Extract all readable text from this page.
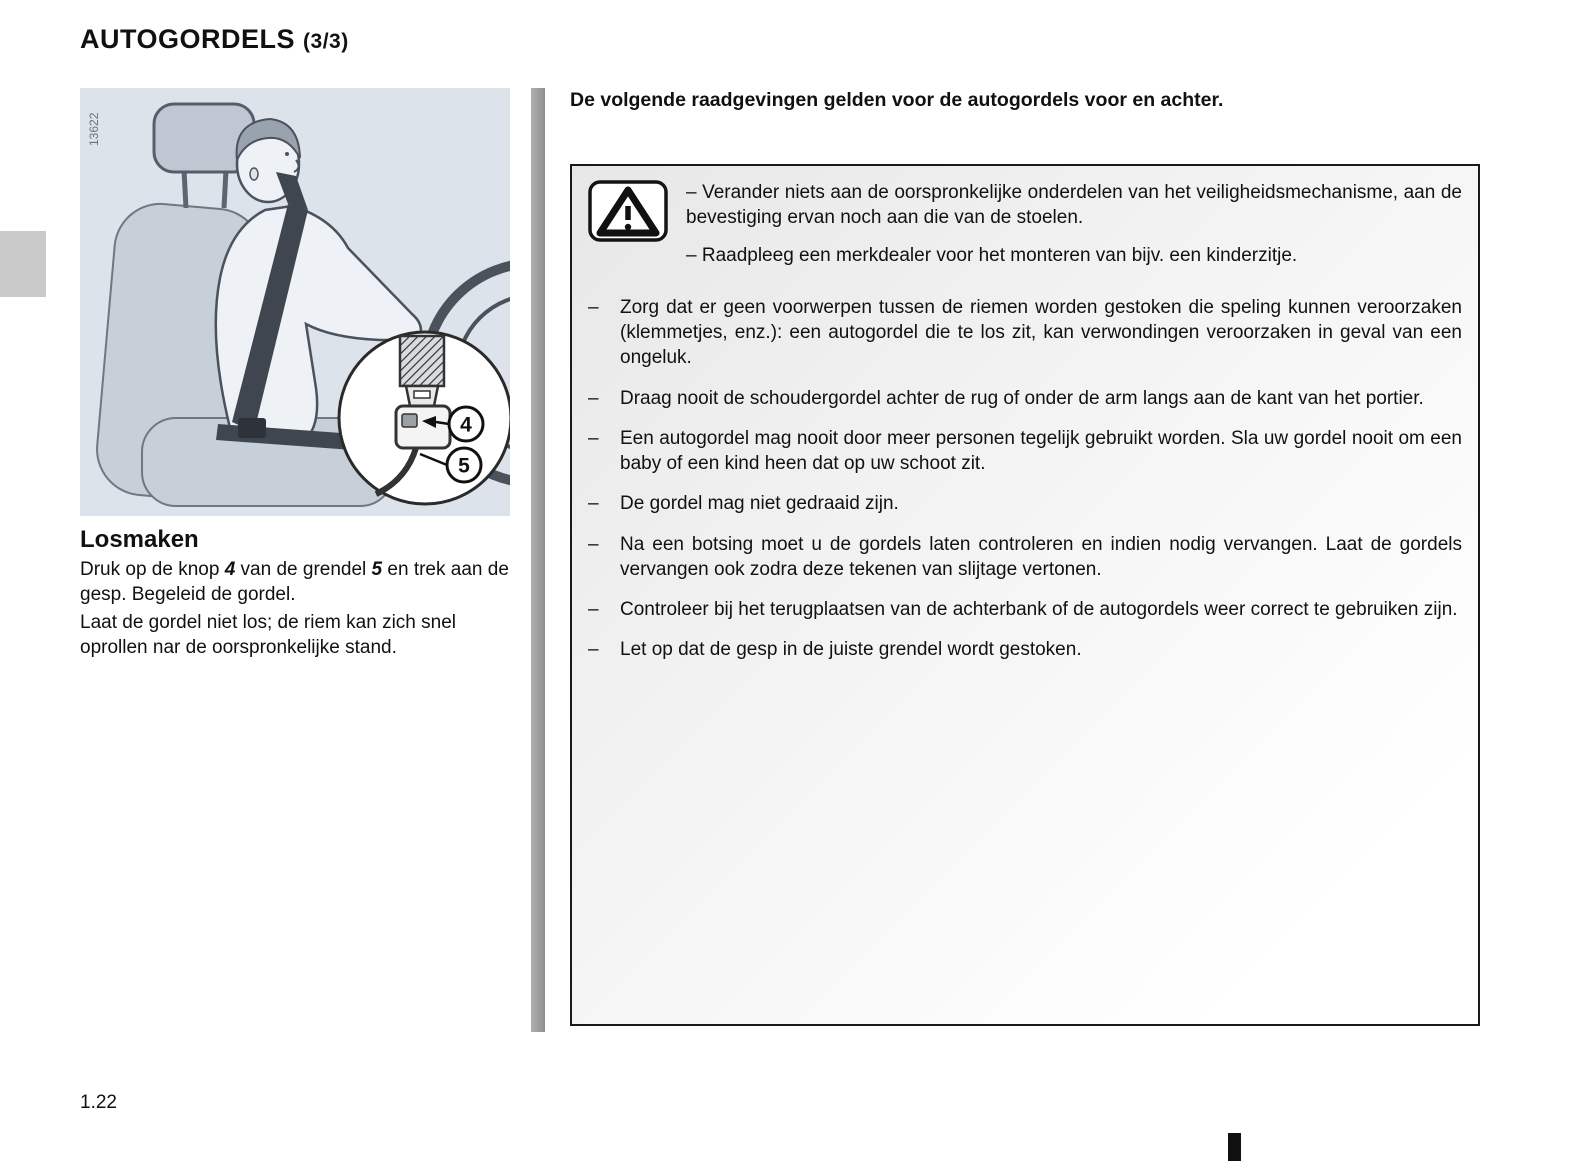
AUTOGORDELS (3/3)
13622
4
5
Losmaken

Druk op de knop 4 van de grendel 5 en trek aan de gesp. Begeleid de gordel.

Laat de gordel niet los; de riem kan zich snel oprollen nar de oorspronkelijke stand.

De volgende raadgevingen gelden voor de autogordels voor en achter.

– Verander niets aan de oorspronkelijke onderdelen van het veiligheidsmechanisme, aan de bevestiging ervan noch aan die van de stoelen.

– Raadpleeg een merkdealer voor het monteren van bijv. een kinderzitje.

–	Zorg dat er geen voorwerpen tussen de riemen worden gestoken die speling kunnen veroorzaken (klemmetjes, enz.): een autogordel die te los zit, kan verwondingen veroorzaken in geval van een ongeluk.
–	Draag nooit de schoudergordel achter de rug of onder de arm langs aan de kant van het portier.
–	Een autogordel mag nooit door meer personen tegelijk gebruikt worden. Sla uw gordel nooit om een baby of een kind heen dat op uw schoot zit.
–	De gordel mag niet gedraaid zijn.
–	Na een botsing moet u de gordels laten controleren en indien nodig vervangen. Laat de gordels vervangen ook zodra deze tekenen van slijtage vertonen.
–	Controleer bij het terugplaatsen van de achterbank of de autogordels weer correct te gebruiken zijn.
–	Let op dat de gesp in de juiste grendel wordt gestoken.
1.22
